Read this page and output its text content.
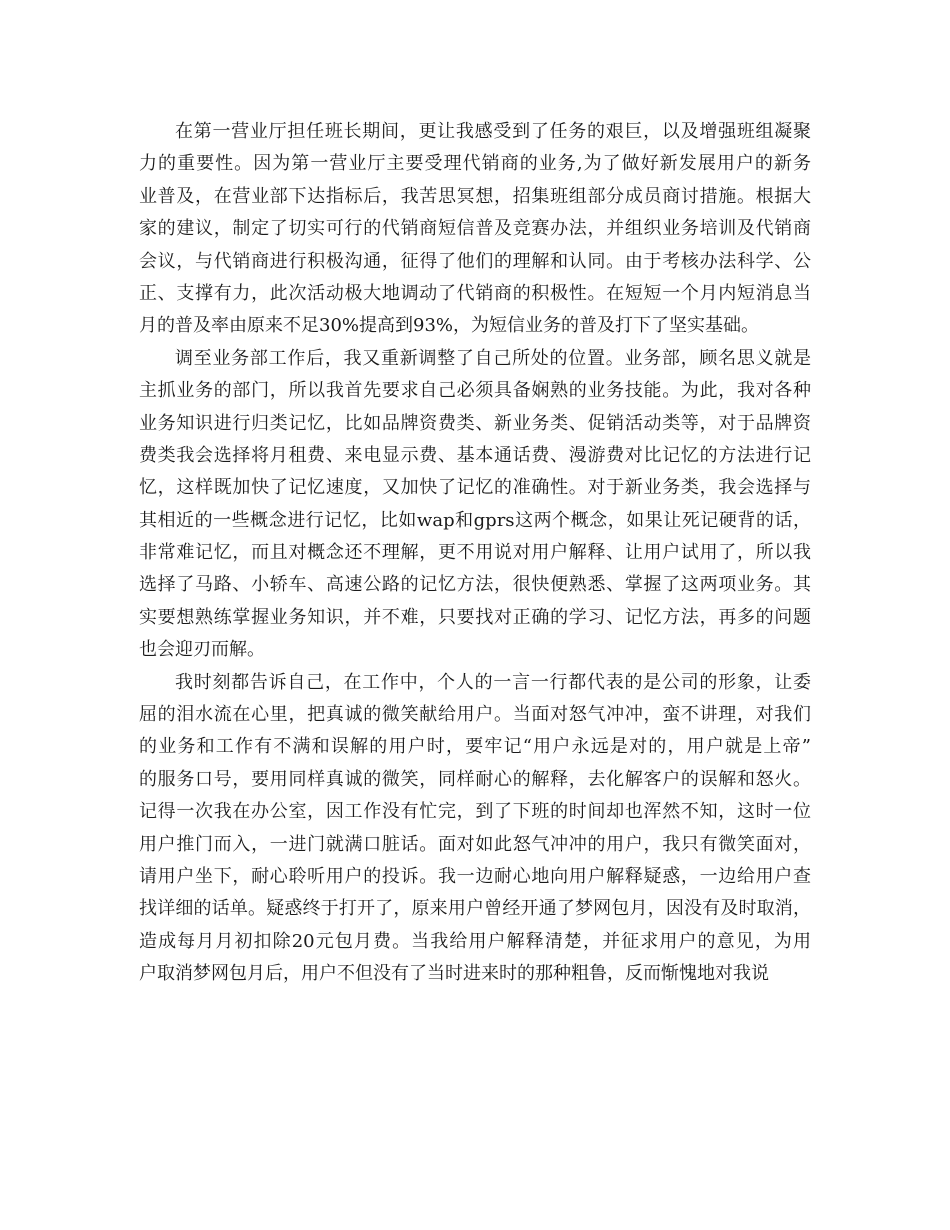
在第一营业厅担任班长期间，更让我感受到了任务的艰巨，以及增强班组凝聚
力的重要性。因为第一营业厅主要受理代销商的业务,为了做好新发展用户的新务
业普及，在营业部下达指标后，我苦思冥想，招集班组部分成员商讨措施。根据大
家的建议，制定了切实可行的代销商短信普及竞赛办法，并组织业务培训及代销商
会议，与代销商进行积极沟通，征得了他们的理解和认同。由于考核办法科学、公
正、支撑有力，此次活动极大地调动了代销商的积极性。在短短一个月内短消息当
月的普及率由原来不足30%提高到93%，为短信业务的普及打下了坚实基础。
调至业务部工作后，我又重新调整了自己所处的位置。业务部，顾名思义就是
主抓业务的部门，所以我首先要求自己必须具备娴熟的业务技能。为此，我对各种
业务知识进行归类记忆，比如品牌资费类、新业务类、促销活动类等，对于品牌资
费类我会选择将月租费、来电显示费、基本通话费、漫游费对比记忆的方法进行记
忆，这样既加快了记忆速度，又加快了记忆的准确性。对于新业务类，我会选择与
其相近的一些概念进行记忆，比如wap和gprs这两个概念，如果让死记硬背的话，
非常难记忆，而且对概念还不理解，更不用说对用户解释、让用户试用了，所以我
选择了马路、小轿车、高速公路的记忆方法，很快便熟悉、掌握了这两项业务。其
实要想熟练掌握业务知识，并不难，只要找对正确的学习、记忆方法，再多的问题
也会迎刃而解。
我时刻都告诉自己，在工作中，个人的一言一行都代表的是公司的形象，让委
屈的泪水流在心里，把真诚的微笑献给用户。当面对怒气冲冲，蛮不讲理，对我们
的业务和工作有不满和误解的用户时，要牢记“用户永远是对的，用户就是上帝”
的服务口号，要用同样真诚的微笑，同样耐心的解释，去化解客户的误解和怒火。
记得一次我在办公室，因工作没有忙完，到了下班的时间却也浑然不知，这时一位
用户推门而入，一进门就满口脏话。面对如此怒气冲冲的用户，我只有微笑面对，
请用户坐下，耐心聆听用户的投诉。我一边耐心地向用户解释疑惑，一边给用户查
找详细的话单。疑惑终于打开了，原来用户曾经开通了梦网包月，因没有及时取消，
造成每月月初扣除20元包月费。当我给用户解释清楚，并征求用户的意见，为用
户取消梦网包月后，用户不但没有了当时进来时的那种粗鲁，反而惭愧地对我说
